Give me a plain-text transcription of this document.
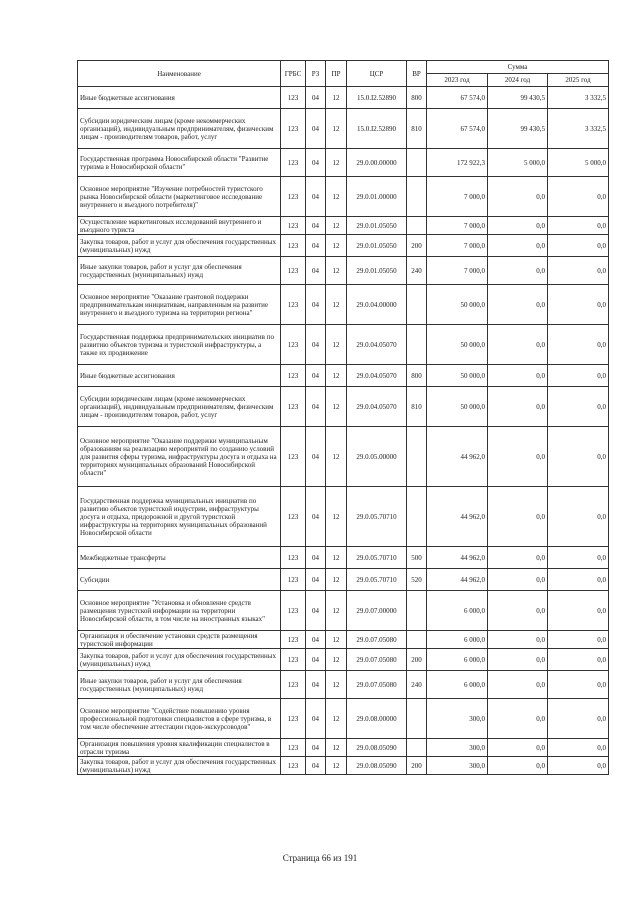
Наименование	ГРБС	РЗ	ПР	ЦСР	ВР	Сумма		
						2023 год	2024 год	2025 год
Иные бюджетные ассигнования	123	04	12	15.0.I2.52890	800	67 574,0	99 430,5	3 332,5
Субсидии юридическим лицам (кроме некоммерческих организаций), индивидуальным предпринимателям, физическим лицам - производителям товаров, работ, услуг	123	04	12	15.0.I2.52890	810	67 574,0	99 430,5	3 332,5
Государственная программа Новосибирской области "Развитие туризма в Новосибирской области"	123	04	12	29.0.00.00000		172 922,3	5 000,0	5 000,0
Основное мероприятие "Изучение потребностей туристского рынка Новосибирской области (маркетинговое исследование внутреннего и въездного потребителя)"	123	04	12	29.0.01.00000		7 000,0	0,0	0,0
Осуществление маркетинговых исследований внутреннего и въездного туриста	123	04	12	29.0.01.05050		7 000,0	0,0	0,0
Закупка товаров, работ и услуг для обеспечения государственных (муниципальных) нужд	123	04	12	29.0.01.05050	200	7 000,0	0,0	0,0
Иные закупки товаров, работ и услуг для обеспечения государственных (муниципальных) нужд	123	04	12	29.0.01.05050	240	7 000,0	0,0	0,0
Основное мероприятие "Оказание грантовой поддержки предпринимателькам инициативам, направленным на развитие внутреннего и въездного туризма на территории региона"	123	04	12	29.0.04.00000		50 000,0	0,0	0,0
Государственная поддержка предпринимательских инициатив по развитию объектов туризма и туристской инфраструктуры, а также их продвижение	123	04	12	29.0.04.05070		50 000,0	0,0	0,0
Иные бюджетные ассигнования	123	04	12	29.0.04.05070	800	50 000,0	0,0	0,0
Субсидии юридическим лицам (кроме некоммерческих организаций), индивидуальным предпринимателям, физическим лицам - производителям товаров, работ, услуг	123	04	12	29.0.04.05070	810	50 000,0	0,0	0,0
Основное мероприятие "Оказание поддержки муниципальным образованиям на реализацию мероприятий по созданию условий для развития сферы туризма, инфраструктуры досуга и отдыха на территориях муниципальных образований Новосибирской области"	123	04	12	29.0.05.00000		44 962,0	0,0	0,0
Государственная поддержка муниципальных инициатив по развитию объектов туристской индустрии, инфраструктуры досуга и отдыха, придорожной и другой туристской инфраструктуры на территориях муниципальных образований Новосибирской области	123	04	12	29.0.05.70710		44 962,0	0,0	0,0
Межбюджетные трансферты	123	04	12	29.0.05.70710	500	44 962,0	0,0	0,0
Субсидии	123	04	12	29.0.05.70710	520	44 962,0	0,0	0,0
Основное мероприятие "Установка и обновление средств размещения туристской информации на территории Новосибирской области, в том числе на иностранных языках"	123	04	12	29.0.07.00000		6 000,0	0,0	0,0
Организация и обеспечение установки средств размещения туристской информации	123	04	12	29.0.07.05080		6 000,0	0,0	0,0
Закупка товаров, работ и услуг для обеспечения государственных (муниципальных) нужд	123	04	12	29.0.07.05080	200	6 000,0	0,0	0,0
Иные закупки товаров, работ и услуг для обеспечения государственных (муниципальных) нужд	123	04	12	29.0.07.05080	240	6 000,0	0,0	0,0
Основное мероприятие "Содействие повышению уровня профессиональной подготовки специалистов в сфере туризма, в том числе обеспечение аттестации гидов-экскурсоводов"	123	04	12	29.0.08.00000		300,0	0,0	0,0
Организация повышения уровня квалификации специалистов в отрасли туризма	123	04	12	29.0.08.05090		300,0	0,0	0,0
Закупка товаров, работ и услуг для обеспечения государственных (муниципальных) нужд	123	04	12	29.0.08.05090	200	300,0	0,0	0,0
Страница 66 из 191
